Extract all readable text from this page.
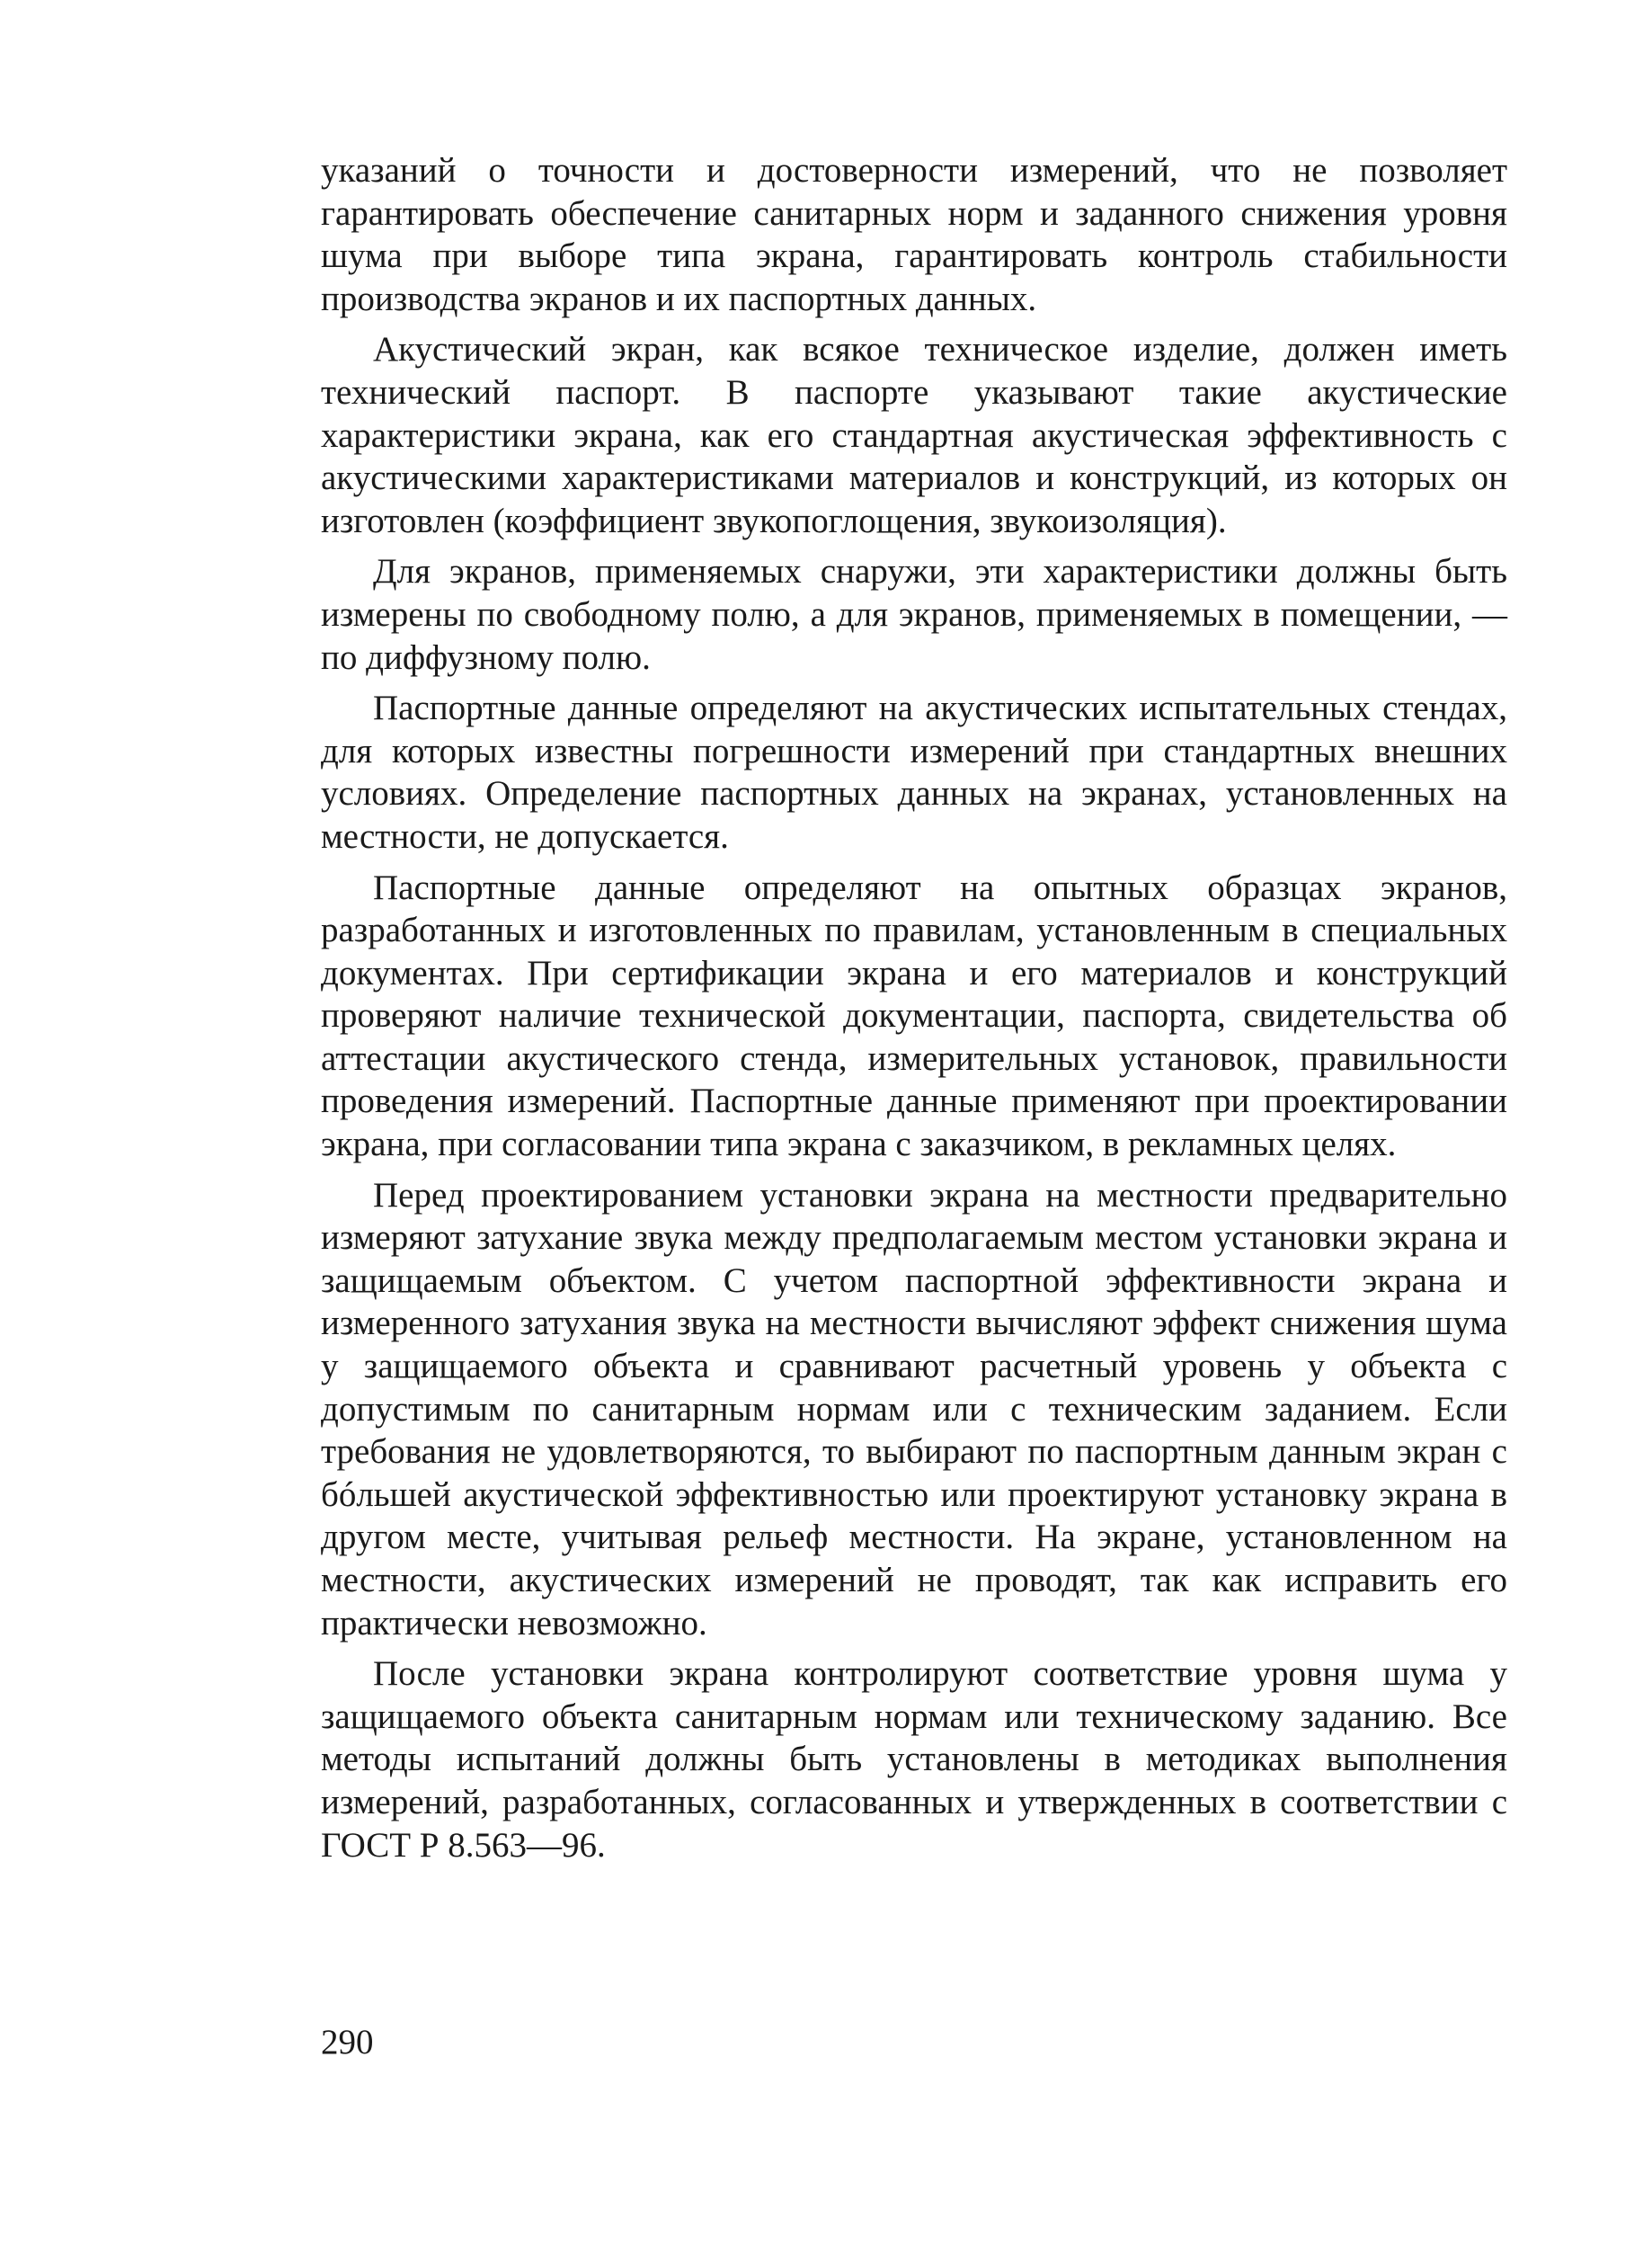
указаний о точности и достоверности измерений, что не позволяет гарантировать обеспечение санитарных норм и заданного снижения уровня шума при выборе типа экрана, гарантировать контроль стабильности производства экранов и их паспортных данных.

Акустический экран, как всякое техническое изделие, должен иметь технический паспорт. В паспорте указывают такие акустические характеристики экрана, как его стандартная акустическая эффективность с акустическими характеристиками материалов и конструкций, из которых он изготовлен (коэффициент звукопоглощения, звукоизоляция).

Для экранов, применяемых снаружи, эти характеристики должны быть измерены по свободному полю, а для экранов, применяемых в помещении, — по диффузному полю.

Паспортные данные определяют на акустических испытательных стендах, для которых известны погрешности измерений при стандартных внешних условиях. Определение паспортных данных на экранах, установленных на местности, не допускается.

Паспортные данные определяют на опытных образцах экранов, разработанных и изготовленных по правилам, установленным в специальных документах. При сертификации экрана и его материалов и конструкций проверяют наличие технической документации, паспорта, свидетельства об аттестации акустического стенда, измерительных установок, правильности проведения измерений. Паспортные данные применяют при проектировании экрана, при согласовании типа экрана с заказчиком, в рекламных целях.

Перед проектированием установки экрана на местности предварительно измеряют затухание звука между предполагаемым местом установки экрана и защищаемым объектом. С учетом паспортной эффективности экрана и измеренного затухания звука на местности вычисляют эффект снижения шума у защищаемого объекта и сравнивают расчетный уровень у объекта с допустимым по санитарным нормам или с техническим заданием. Если требования не удовлетворяются, то выбирают по паспортным данным экран с бóльшей акустической эффективностью или проектируют установку экрана в другом месте, учитывая рельеф местности. На экране, установленном на местности, акустических измерений не проводят, так как исправить его практически невозможно.

После установки экрана контролируют соответствие уровня шума у защищаемого объекта санитарным нормам или техническому заданию. Все методы испытаний должны быть установлены в методиках выполнения измерений, разработанных, согласованных и утвержденных в соответствии с ГОСТ Р 8.563—96.

290
